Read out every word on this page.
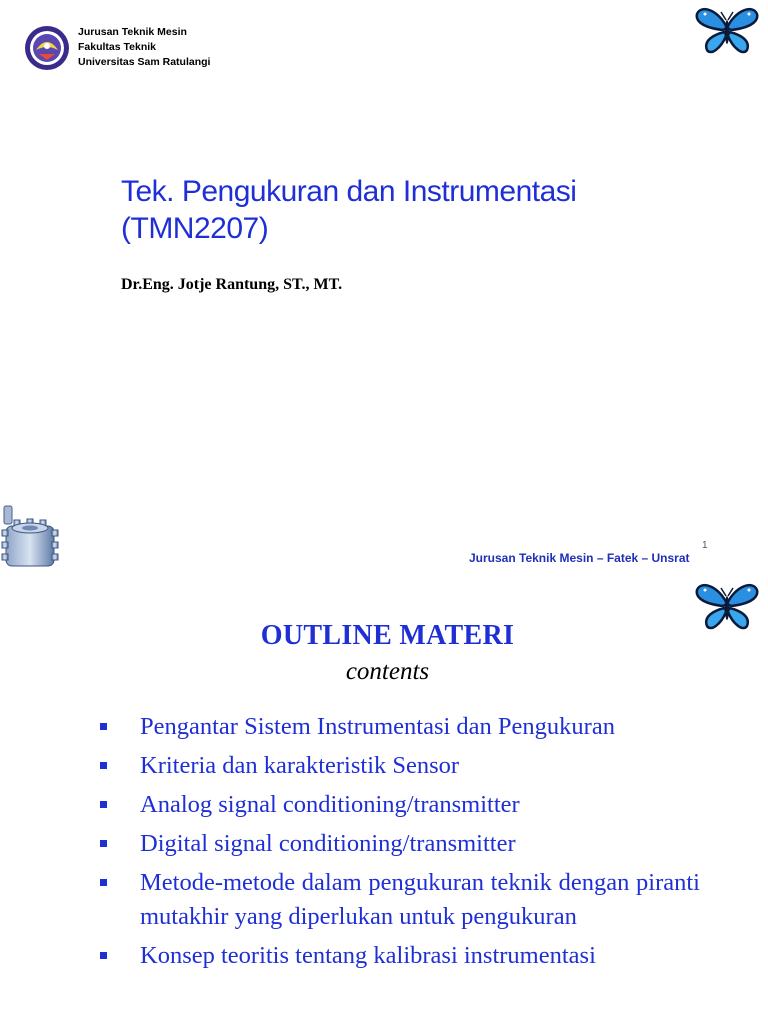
Jurusan Teknik Mesin
Fakultas Teknik
Universitas Sam Ratulangi
Tek. Pengukuran dan Instrumentasi
(TMN2207)
Dr.Eng. Jotje Rantung, ST., MT.
1
Jurusan Teknik Mesin – Fatek – Unsrat
OUTLINE MATERI
contents
Pengantar Sistem Instrumentasi dan Pengukuran
Kriteria dan karakteristik Sensor
Analog signal conditioning/transmitter
Digital signal conditioning/transmitter
Metode-metode dalam pengukuran teknik dengan piranti mutakhir yang diperlukan untuk pengukuran
Konsep teoritis tentang kalibrasi instrumentasi
